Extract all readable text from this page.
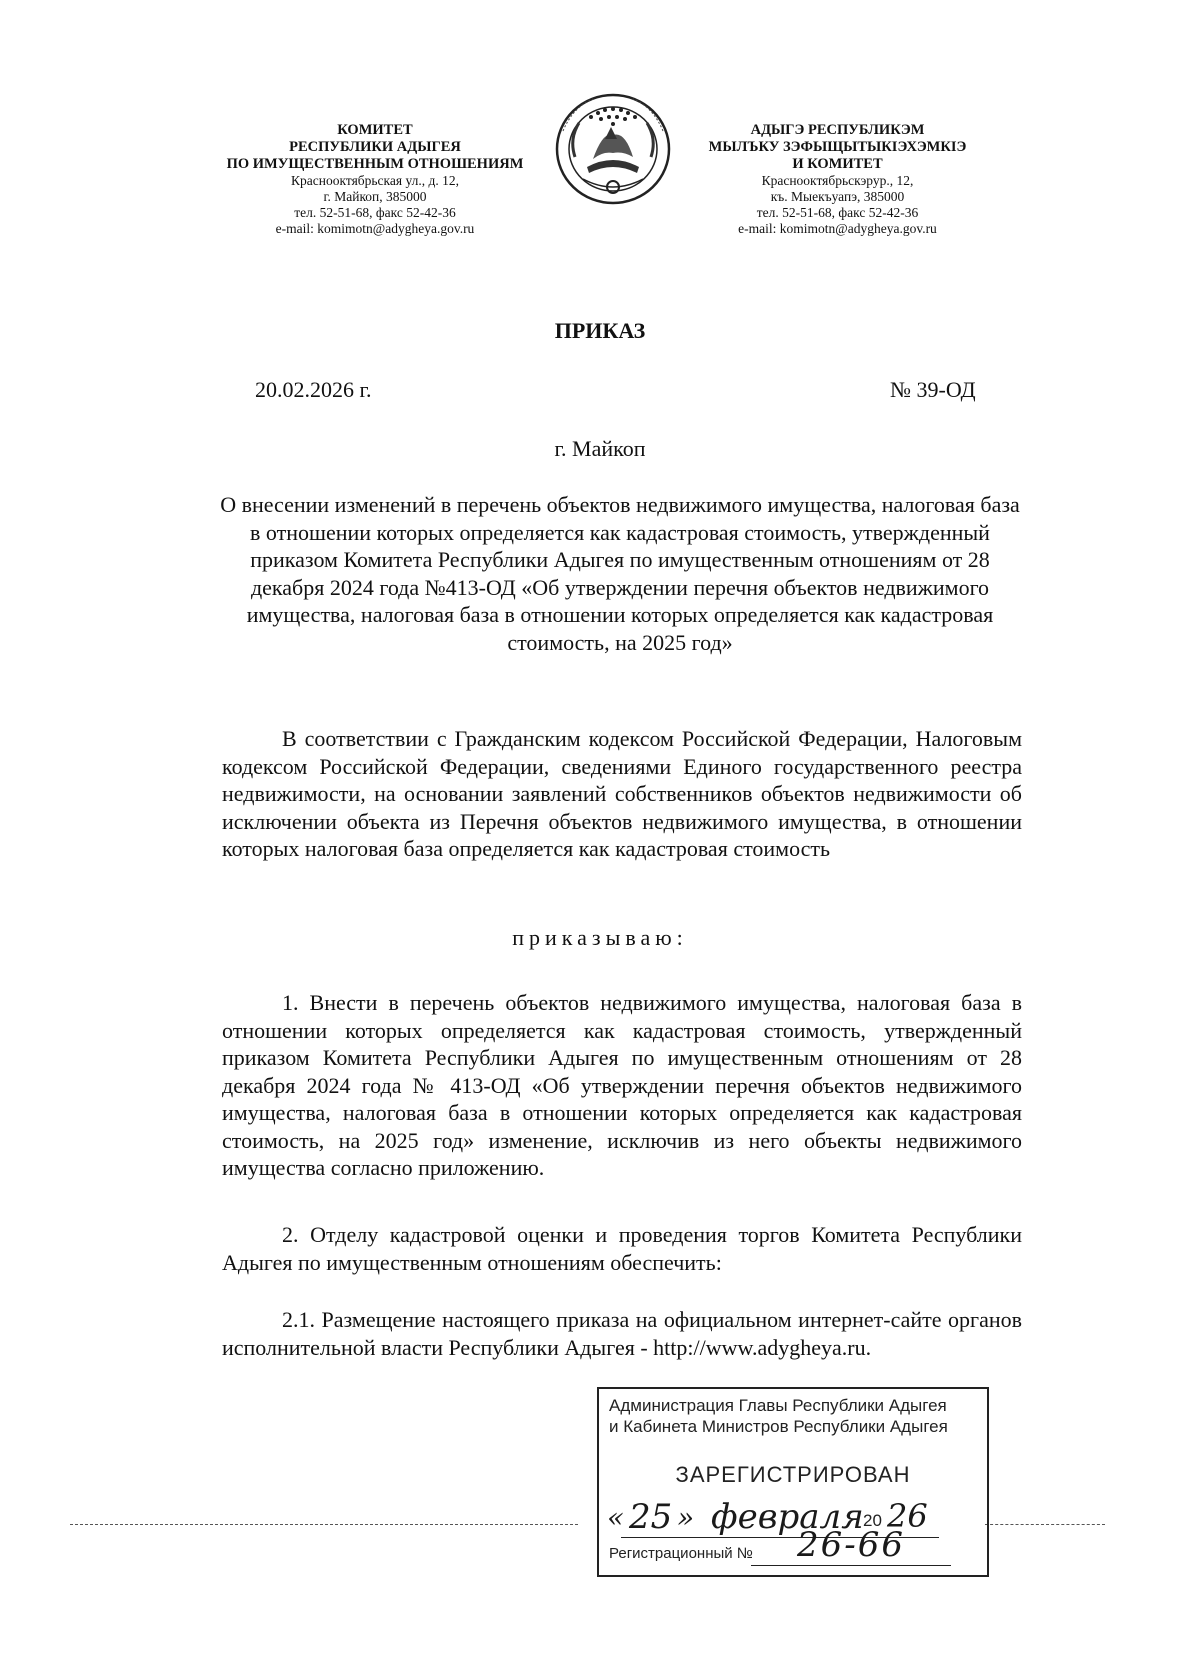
КОМИТЕТ
РЕСПУБЛИКИ АДЫГЕЯ
ПО ИМУЩЕСТВЕННЫМ ОТНОШЕНИЯМ
Краснооктябрьская ул., д. 12,
г. Майкоп, 385000
тел. 52-51-68, факс 52-42-36
e-mail: komimotn@adygheya.gov.ru
АДЫГЭ РЕСПУБЛИКЭМ
МЫЛЪКУ ЗЭФЫЩЫТЫКIЭХЭМКIЭ
И КОМИТЕТ
Краснооктябрьскэрур., 12,
къ. Мыекъуапэ, 385000
тел. 52-51-68, факс 52-42-36
e-mail: komimotn@adygheya.gov.ru
ПРИКАЗ
20.02.2026 г.	№ 39-ОД
г. Майкоп
О внесении изменений в перечень объектов недвижимого имущества, налоговая база в отношении которых определяется как кадастровая стоимость, утвержденный приказом Комитета Республики Адыгея по имущественным отношениям от 28 декабря 2024 года №413-ОД «Об утверждении перечня объектов недвижимого имущества, налоговая база в отношении которых определяется как кадастровая стоимость, на 2025 год»
В соответствии с Гражданским кодексом Российской Федерации, Налоговым кодексом Российской Федерации, сведениями Единого государственного реестра недвижимости, на основании заявлений собственников объектов недвижимости об исключении объекта из Перечня объектов недвижимого имущества, в отношении которых налоговая база определяется как кадастровая стоимость
приказываю:
1. Внести в перечень объектов недвижимого имущества, налоговая база в отношении которых определяется как кадастровая стоимость, утвержденный приказом Комитета Республики Адыгея по имущественным отношениям от 28 декабря 2024 года № 413-ОД «Об утверждении перечня объектов недвижимого имущества, налоговая база в отношении которых определяется как кадастровая стоимость, на 2025 год» изменение, исключив из него объекты недвижимого имущества согласно приложению.
2. Отделу кадастровой оценки и проведения торгов Комитета Республики Адыгея по имущественным отношениям обеспечить:
2.1. Размещение настоящего приказа на официальном интернет-сайте органов исполнительной власти Республики Адыгея - http://www.adygheya.ru.
Администрация Главы Республики Адыгея
и Кабинета Министров Республики Адыгея
ЗАРЕГИСТРИРОВАН
« 25 » февраля 20 26
Регистрационный № 26-66
